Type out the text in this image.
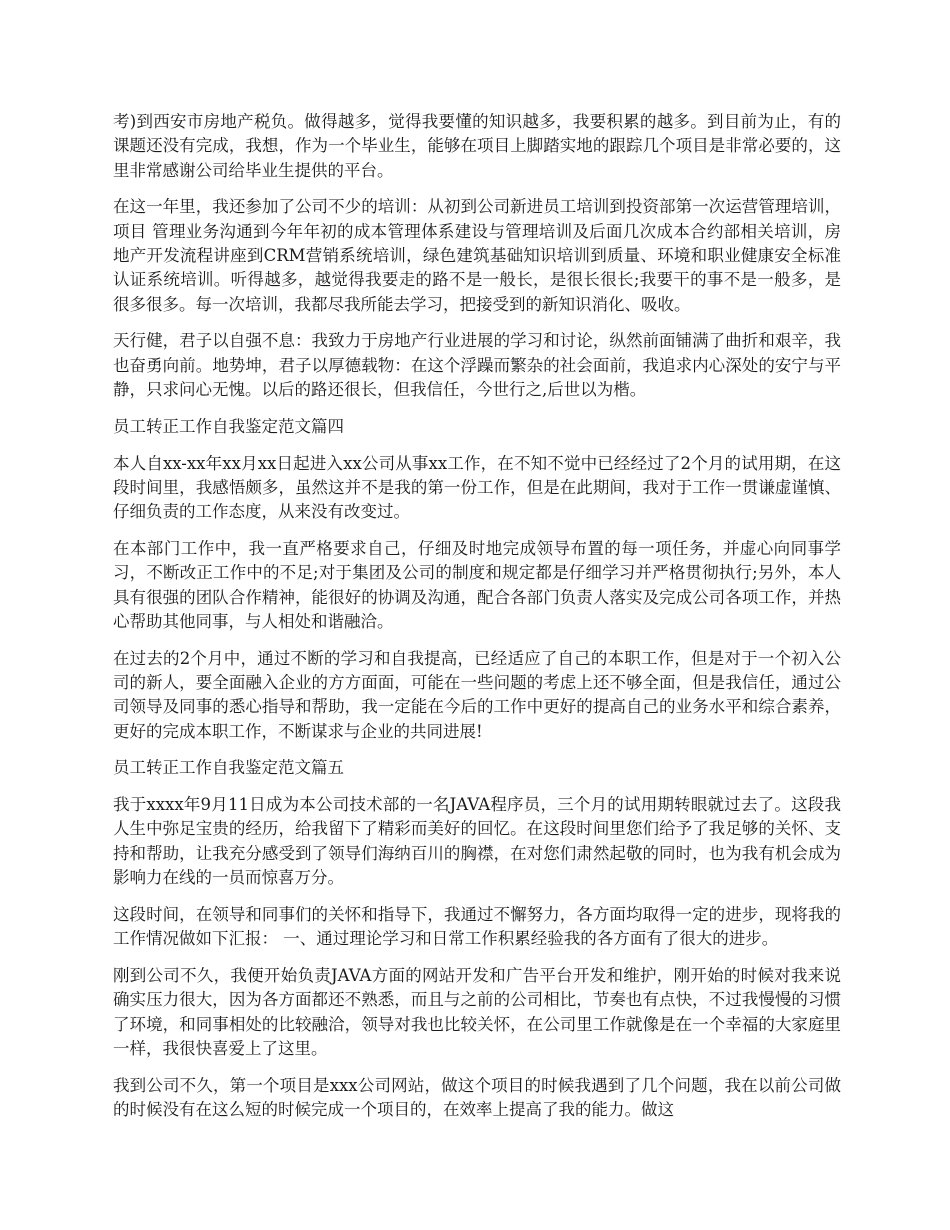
考)到西安市房地产税负。做得越多，觉得我要懂的知识越多，我要积累的越多。到目前为止，有的课题还没有完成，我想，作为一个毕业生，能够在项目上脚踏实地的跟踪几个项目是非常必要的，这里非常感谢公司给毕业生提供的平台。

在这一年里，我还参加了公司不少的培训：从初到公司新进员工培训到投资部第一次运营管理培训，项目 管理业务沟通到今年年初的成本管理体系建设与管理培训及后面几次成本合约部相关培训，房地产开发流程讲座到CRM营销系统培训，绿色建筑基础知识培训到质量、环境和职业健康安全标准认证系统培训。听得越多，越觉得我要走的路不是一般长，是很长很长;我要干的事不是一般多，是很多很多。每一次培训，我都尽我所能去学习，把接受到的新知识消化、吸收。

天行健，君子以自强不息：我致力于房地产行业进展的学习和讨论，纵然前面铺满了曲折和艰辛，我也奋勇向前。地势坤，君子以厚德载物：在这个浮躁而繁杂的社会面前，我追求内心深处的安宁与平静，只求问心无愧。以后的路还很长，但我信任，今世行之,后世以为楷。

员工转正工作自我鉴定范文篇四

本人自xx-xx年xx月xx日起进入xx公司从事xx工作，在不知不觉中已经经过了2个月的试用期，在这段时间里，我感悟颇多，虽然这并不是我的第一份工作，但是在此期间，我对于工作一贯谦虚谨慎、仔细负责的工作态度，从来没有改变过。

在本部门工作中，我一直严格要求自己，仔细及时地完成领导布置的每一项任务，并虚心向同事学习，不断改正工作中的不足;对于集团及公司的制度和规定都是仔细学习并严格贯彻执行;另外，本人具有很强的团队合作精神，能很好的协调及沟通，配合各部门负责人落实及完成公司各项工作，并热心帮助其他同事，与人相处和谐融洽。

在过去的2个月中，通过不断的学习和自我提高，已经适应了自己的本职工作，但是对于一个初入公司的新人，要全面融入企业的方方面面，可能在一些问题的考虑上还不够全面，但是我信任，通过公司领导及同事的悉心指导和帮助，我一定能在今后的工作中更好的提高自己的业务水平和综合素养，更好的完成本职工作，不断谋求与企业的共同进展!

员工转正工作自我鉴定范文篇五

我于xxxx年9月11日成为本公司技术部的一名JAVA程序员，三个月的试用期转眼就过去了。这段我人生中弥足宝贵的经历，给我留下了精彩而美好的回忆。在这段时间里您们给予了我足够的关怀、支持和帮助，让我充分感受到了领导们海纳百川的胸襟，在对您们肃然起敬的同时，也为我有机会成为影响力在线的一员而惊喜万分。

这段时间，在领导和同事们的关怀和指导下，我通过不懈努力，各方面均取得一定的进步，现将我的工作情况做如下汇报： 一、通过理论学习和日常工作积累经验我的各方面有了很大的进步。

刚到公司不久，我便开始负责JAVA方面的网站开发和广告平台开发和维护，刚开始的时候对我来说确实压力很大，因为各方面都还不熟悉，而且与之前的公司相比，节奏也有点快，不过我慢慢的习惯了环境，和同事相处的比较融洽，领导对我也比较关怀，在公司里工作就像是在一个幸福的大家庭里一样，我很快喜爱上了这里。

我到公司不久，第一个项目是xxx公司网站，做这个项目的时候我遇到了几个问题，我在以前公司做的时候没有在这么短的时候完成一个项目的，在效率上提高了我的能力。做这
